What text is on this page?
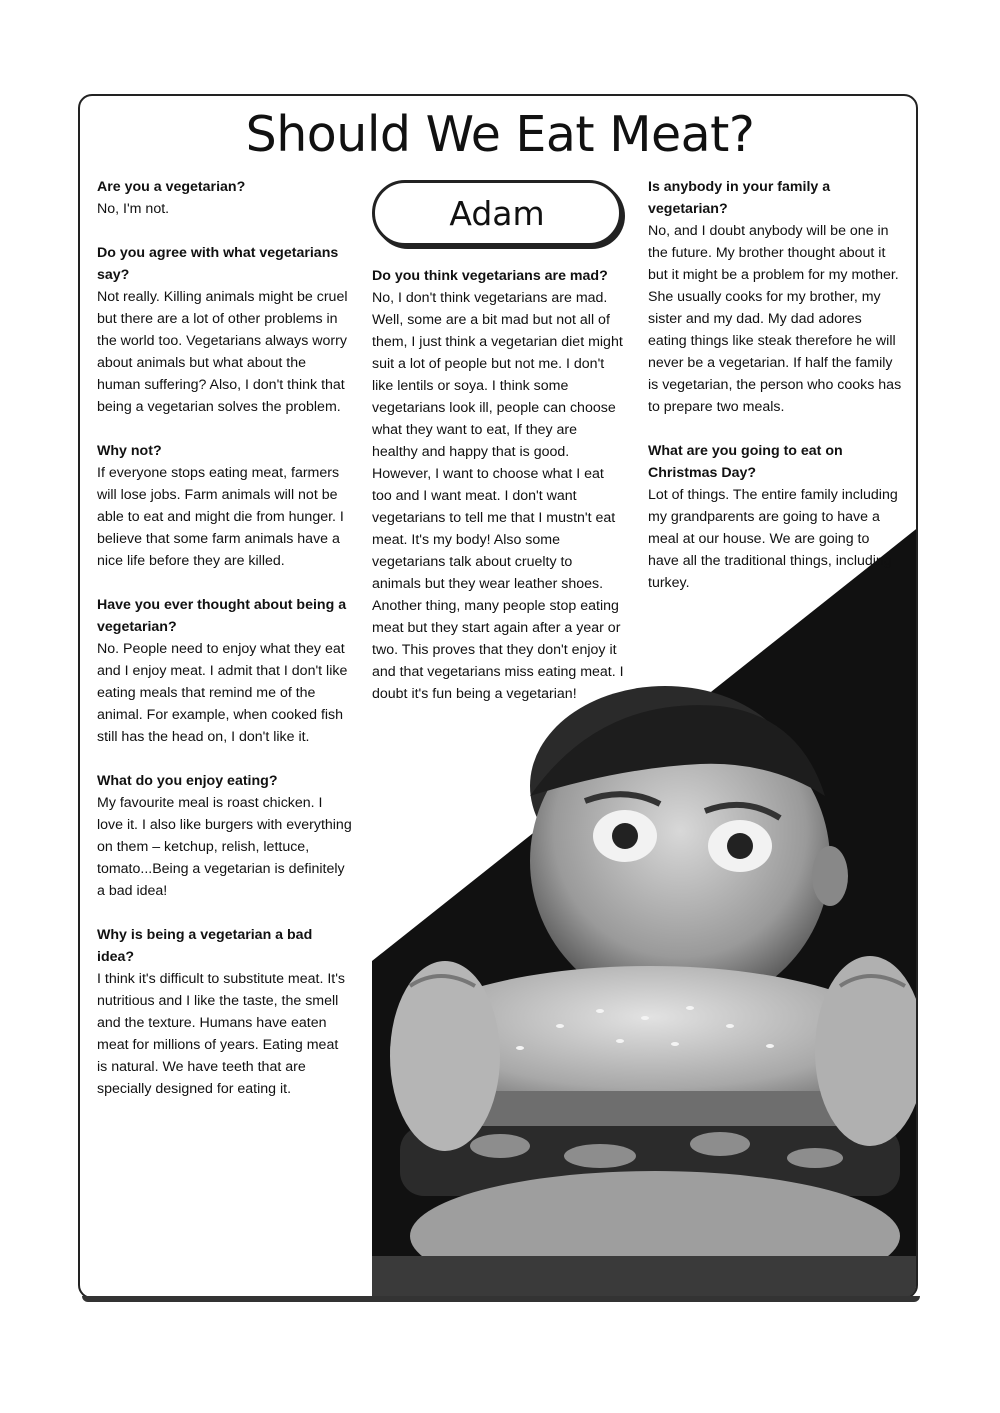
Should We Eat Meat?
Adam

Are you a vegetarian?

No, I'm not.

Do you agree with what vegetarians say?

Not really. Killing animals might be cruel but there are a lot of other problems in the world too. Vegetarians always worry about animals but what about the human suffering? Also, I don't think that being a vegetarian solves the problem.

Why not?

If everyone stops eating meat, farmers will lose jobs. Farm animals will not be able to eat and might die from hunger. I believe that some farm animals have a nice life before they are killed.

Have you ever thought about being a vegetarian?

No. People need to enjoy what they eat and I enjoy meat. I admit that I don't like eating meals that remind me of the animal. For example, when cooked fish still has the head on, I don't like it.

What do you enjoy eating?

My favourite meal is roast chicken. I love it. I also like burgers with everything on them – ketchup, relish, lettuce, tomato...Being a vegetarian is definitely a bad idea!

Why is being a vegetarian a bad idea?

I think it's difficult to substitute meat. It's nutritious and I like the taste, the smell and the texture. Humans have eaten meat for millions of years. Eating meat is natural. We have teeth that are specially designed for eating it.

Do you think vegetarians are mad?

No, I don't think vegetarians are mad. Well, some are a bit mad but not all of them, I just think a vegetarian diet might suit a lot of people but not me. I don't like lentils or soya. I think some vegetarians look ill, people can choose what they want to eat, If they are healthy and happy that is good. However, I want to choose what I eat too and I want meat. I don't want vegetarians to tell me that I mustn't eat meat. It's my body! Also some vegetarians talk about cruelty to animals but they wear leather shoes. Another thing, many people stop eating meat but they start again after a year or two. This proves that they don't enjoy it and that vegetarians miss eating meat. I doubt it's fun being a vegetarian!

Is anybody in your family a vegetarian?

No, and I doubt anybody will be one in the future. My brother thought about it but it might be a problem for my mother. She usually cooks for my brother, my sister and my dad. My dad adores eating things like steak therefore he will never be a vegetarian. If half the family is vegetarian, the person who cooks has to prepare two meals.

What are you going to eat on Christmas Day?

Lot of things. The entire family including my grandparents are going to have a meal at our house. We are going to have all the traditional things, including turkey.
